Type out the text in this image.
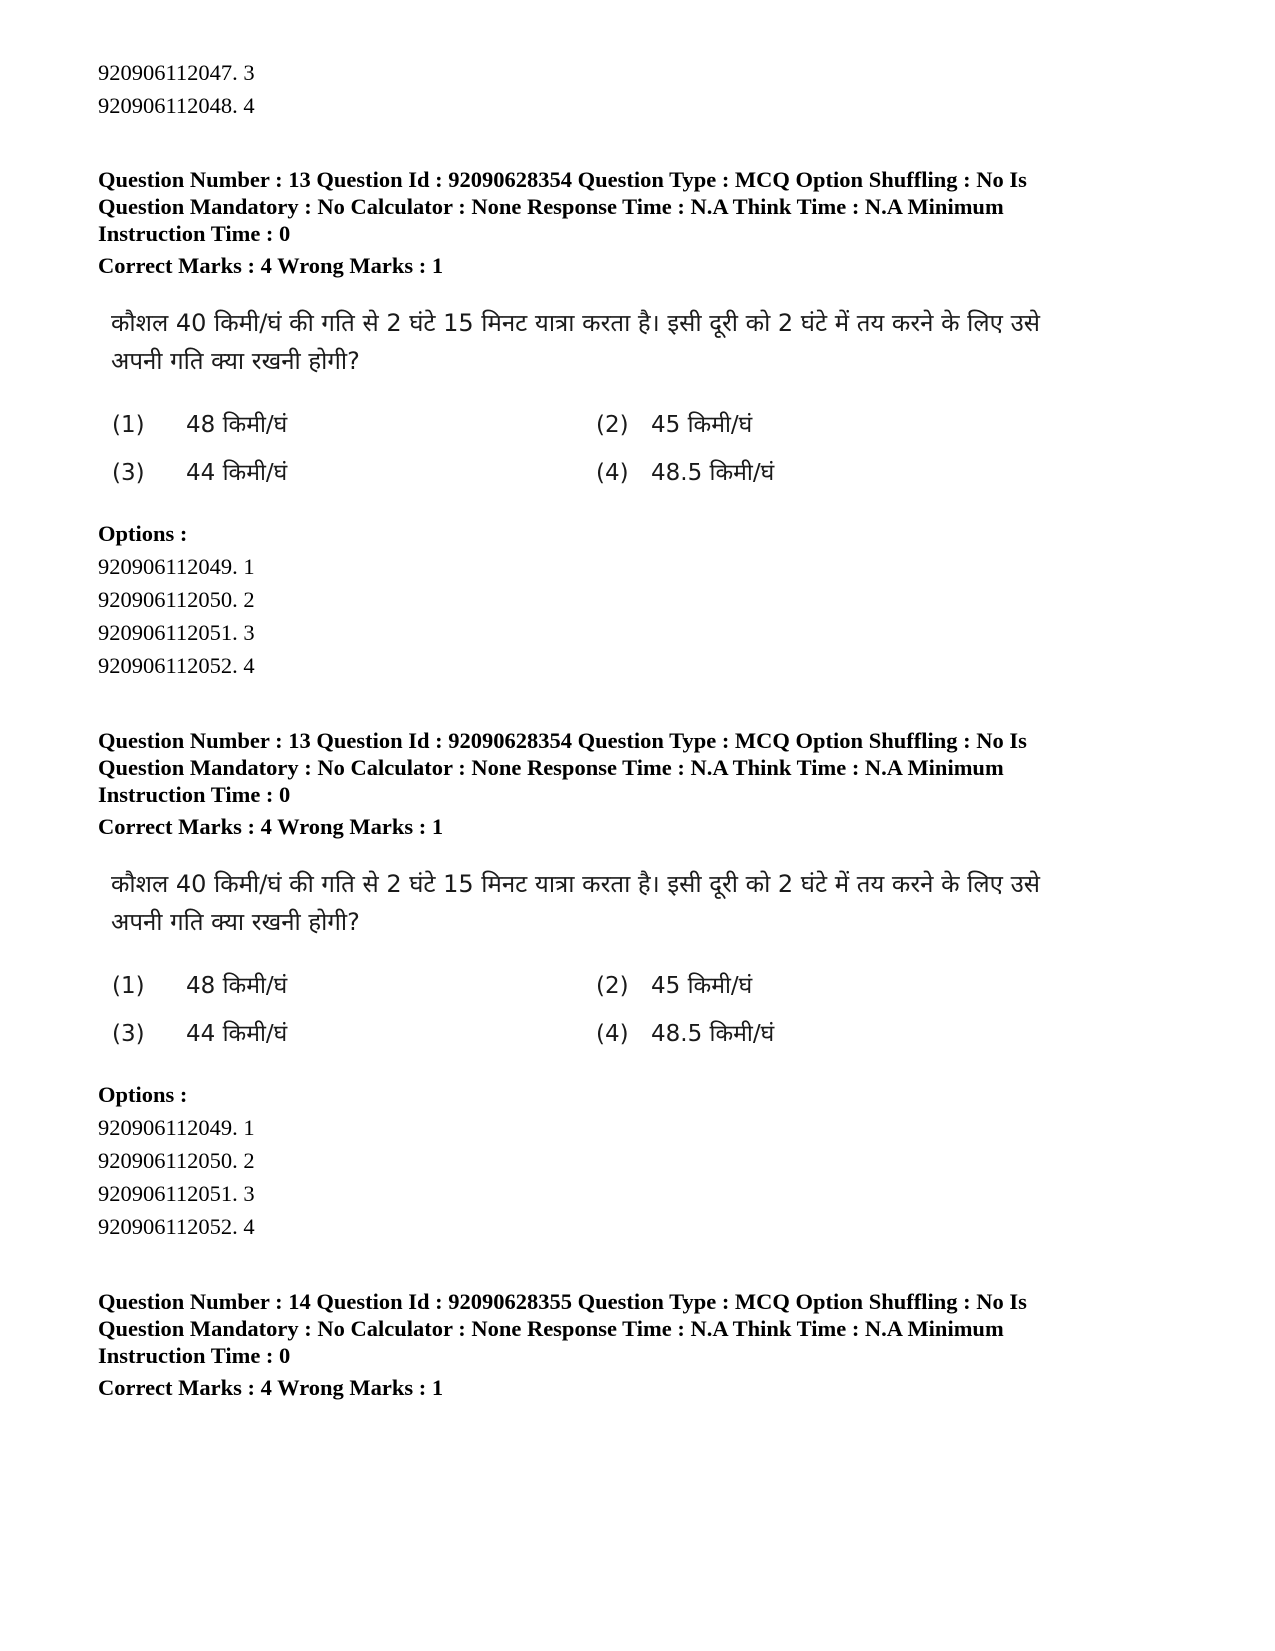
920906112047. 3
920906112048. 4
Question Number : 13 Question Id : 92090628354 Question Type : MCQ Option Shuffling : No Is
Question Mandatory : No Calculator : None Response Time : N.A Think Time : N.A Minimum
Instruction Time : 0
Correct Marks : 4 Wrong Marks : 1
कौशल 40 किमी/घं की गति से 2 घंटे 15 मिनट यात्रा करता है। इसी दूरी को 2 घंटे में तय करने के लिए उसे
अपनी गति क्या रखनी होगी?
(1) 48 किमी/घं	(2) 45 किमी/घं
(3) 44 किमी/घं	(4) 48.5 किमी/घं
Options :
920906112049. 1
920906112050. 2
920906112051. 3
920906112052. 4
Question Number : 13 Question Id : 92090628354 Question Type : MCQ Option Shuffling : No Is
Question Mandatory : No Calculator : None Response Time : N.A Think Time : N.A Minimum
Instruction Time : 0
Correct Marks : 4 Wrong Marks : 1
कौशल 40 किमी/घं की गति से 2 घंटे 15 मिनट यात्रा करता है। इसी दूरी को 2 घंटे में तय करने के लिए उसे
अपनी गति क्या रखनी होगी?
(1) 48 किमी/घं	(2) 45 किमी/घं
(3) 44 किमी/घं	(4) 48.5 किमी/घं
Options :
920906112049. 1
920906112050. 2
920906112051. 3
920906112052. 4
Question Number : 14 Question Id : 92090628355 Question Type : MCQ Option Shuffling : No Is
Question Mandatory : No Calculator : None Response Time : N.A Think Time : N.A Minimum
Instruction Time : 0
Correct Marks : 4 Wrong Marks : 1
